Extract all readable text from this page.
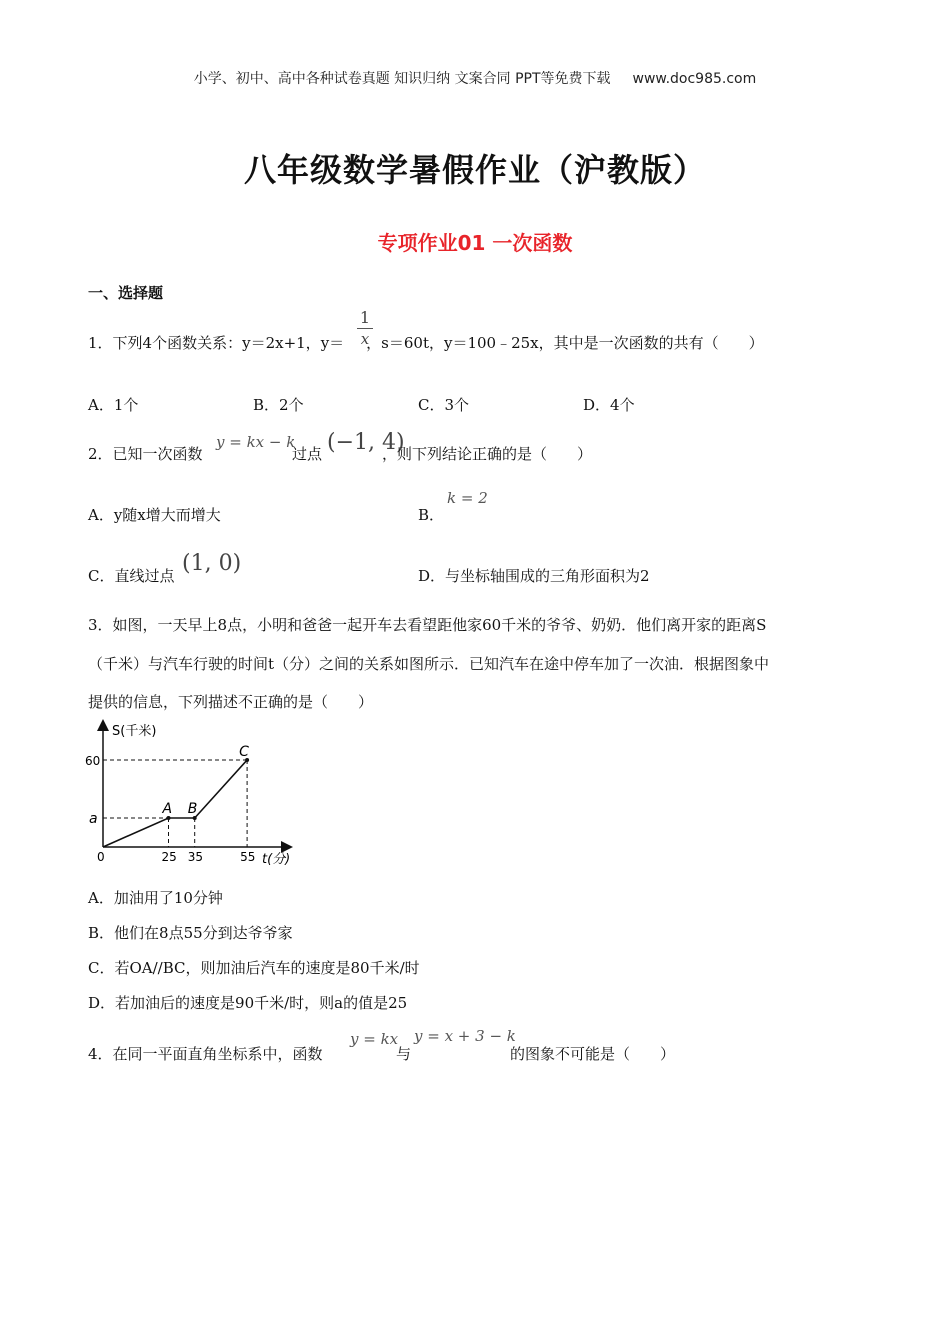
小学、初中、高中各种试卷真题 知识归纳 文案合同 PPT等免费下载 www.doc985.com
八年级数学暑假作业（沪教版）
专项作业01 一次函数
一、选择题
1．下列4个函数关系：y＝2x+1，y＝ ，s＝60t，y＝100﹣25x，其中是一次函数的共有（　　）
1
x
A．1个	B．2个	C．3个	D．4个
2．已知一次函数
y = kx − k
过点 (−1, 4)
，则下列结论正确的是（　　）
A．y随x增大而增大	B．
k = 2
C．直线过点 (1, 0)	D．与坐标轴围成的三角形面积为2
3．如图，一天早上8点，小明和爸爸一起开车去看望距他家60千米的爷爷、奶奶．他们离开家的距离S
（千米）与汽车行驶的时间t（分）之间的关系如图所示．已知汽车在途中停车加了一次油．根据图象中
提供的信息，下列描述不正确的是（　　）
S(千米)
t(分)
60
a
0	25 35	55
A B
C
A．加油用了10分钟
B．他们在8点55分到达爷爷家
C．若OA//BC，则加油后汽车的速度是80千米/时
D．若加油后的速度是90千米/时，则a的值是25
4．在同一平面直角坐标系中，函数
y = kx
与
y = x + 3 − k
的图象不可能是（　　）
